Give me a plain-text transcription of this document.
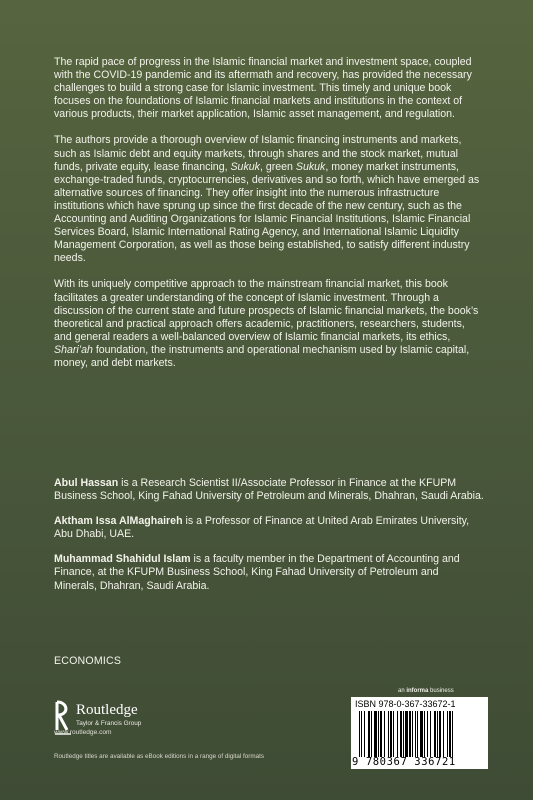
The rapid pace of progress in the Islamic financial market and investment space, coupled with the COVID-19 pandemic and its aftermath and recovery, has provided the necessary challenges to build a strong case for Islamic investment. This timely and unique book focuses on the foundations of Islamic financial markets and institutions in the context of various products, their market application, Islamic asset management, and regulation.

The authors provide a thorough overview of Islamic financing instruments and markets, such as Islamic debt and equity markets, through shares and the stock market, mutual funds, private equity, lease financing, Sukuk, green Sukuk, money market instruments, exchange-traded funds, cryptocurrencies, derivatives and so forth, which have emerged as alternative sources of financing. They offer insight into the numerous infrastructure institutions which have sprung up since the first decade of the new century, such as the Accounting and Auditing Organizations for Islamic Financial Institutions, Islamic Financial Services Board, Islamic International Rating Agency, and International Islamic Liquidity Management Corporation, as well as those being established, to satisfy different industry needs.

With its uniquely competitive approach to the mainstream financial market, this book facilitates a greater understanding of the concept of Islamic investment. Through a discussion of the current state and future prospects of Islamic financial markets, the book’s theoretical and practical approach offers academic, practitioners, researchers, students, and general readers a well-balanced overview of Islamic financial markets, its ethics, Shari’ah foundation, the instruments and operational mechanism used by Islamic capital, money, and debt markets.

Abul Hassan is a Research Scientist II/Associate Professor in Finance at the KFUPM Business School, King Fahad University of Petroleum and Minerals, Dhahran, Saudi Arabia.

Aktham Issa AlMaghaireh is a Professor of Finance at United Arab Emirates University, Abu Dhabi, UAE.

Muhammad Shahidul Islam is a faculty member in the Department of Accounting and Finance, at the KFUPM Business School, King Fahad University of Petroleum and Minerals, Dhahran, Saudi Arabia.

ECONOMICS
Routledge
Taylor & Francis Group
www.routledge.com
Routledge titles are available as eBook editions in a range of digital formats
an informa business
ISBN 978-0-367-33672-1
9 780367 336721
